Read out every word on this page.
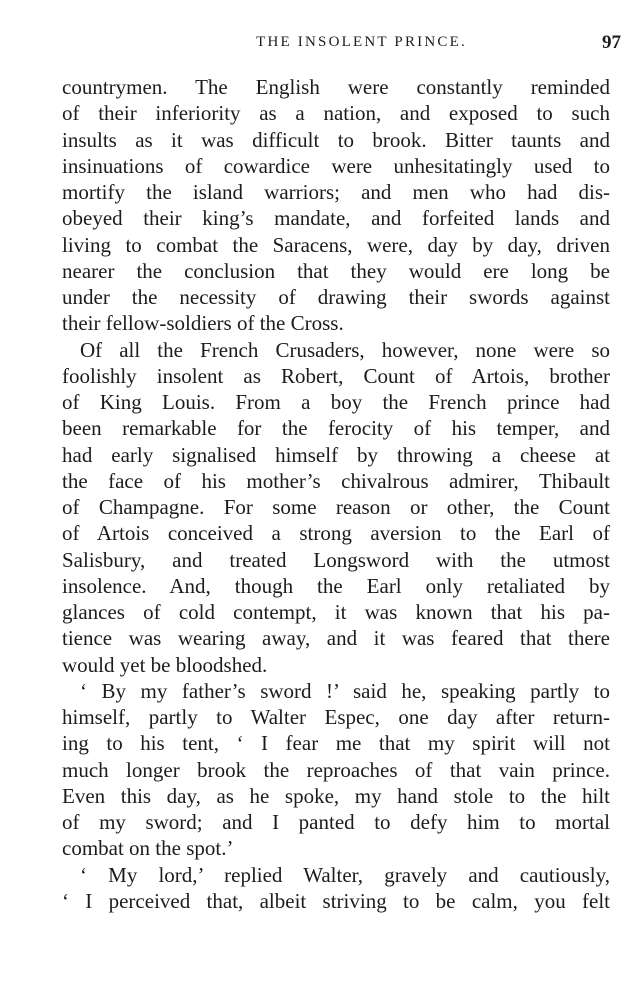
THE INSOLENT PRINCE.	97
countrymen. The English were constantly reminded
of their inferiority as a nation, and exposed to such
insults as it was difficult to brook. Bitter taunts and
insinuations of cowardice were unhesitatingly used to
mortify the island warriors; and men who had dis-
obeyed their king’s mandate, and forfeited lands and
living to combat the Saracens, were, day by day, driven
nearer the conclusion that they would ere long be
under the necessity of drawing their swords against
their fellow-soldiers of the Cross.
Of all the French Crusaders, however, none were so
foolishly insolent as Robert, Count of Artois, brother
of King Louis. From a boy the French prince had
been remarkable for the ferocity of his temper, and
had early signalised himself by throwing a cheese at
the face of his mother’s chivalrous admirer, Thibault
of Champagne. For some reason or other, the Count
of Artois conceived a strong aversion to the Earl of
Salisbury, and treated Longsword with the utmost
insolence. And, though the Earl only retaliated by
glances of cold contempt, it was known that his pa-
tience was wearing away, and it was feared that there
would yet be bloodshed.
‘ By my father’s sword !’ said he, speaking partly to
himself, partly to Walter Espec, one day after return-
ing to his tent, ‘ I fear me that my spirit will not
much longer brook the reproaches of that vain prince.
Even this day, as he spoke, my hand stole to the hilt
of my sword; and I panted to defy him to mortal
combat on the spot.’
‘ My lord,’ replied Walter, gravely and cautiously,
‘ I perceived that, albeit striving to be calm, you felt
